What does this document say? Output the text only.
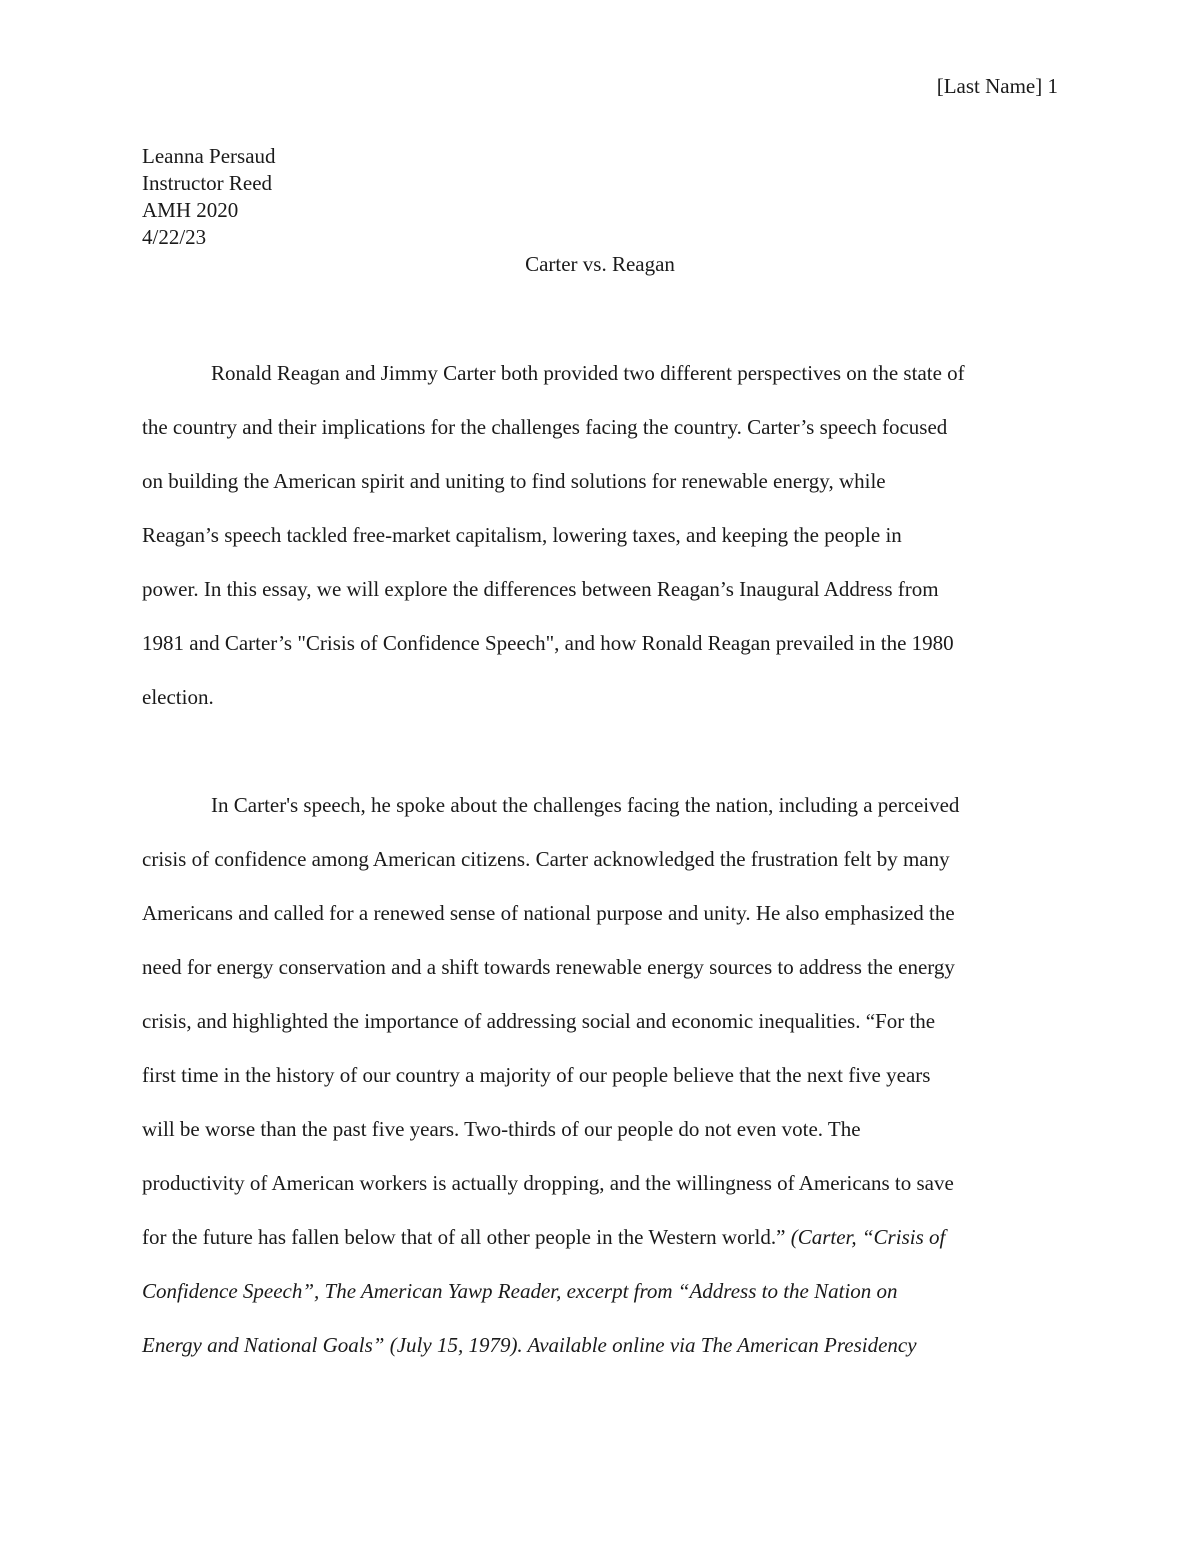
[Last Name] 1
Leanna Persaud
Instructor Reed
AMH 2020
4/22/23
Carter vs. Reagan
Ronald Reagan and Jimmy Carter both provided two different perspectives on the state of
the country and their implications for the challenges facing the country. Carter’s speech focused
on building the American spirit and uniting to find solutions for renewable energy, while
Reagan’s speech tackled free-market capitalism, lowering taxes, and keeping the people in
power. In this essay, we will explore the differences between Reagan’s Inaugural Address from
1981 and Carter’s "Crisis of Confidence Speech", and how Ronald Reagan prevailed in the 1980
election.
In Carter's speech, he spoke about the challenges facing the nation, including a perceived
crisis of confidence among American citizens. Carter acknowledged the frustration felt by many
Americans and called for a renewed sense of national purpose and unity. He also emphasized the
need for energy conservation and a shift towards renewable energy sources to address the energy
crisis, and highlighted the importance of addressing social and economic inequalities. “For the
first time in the history of our country a majority of our people believe that the next five years
will be worse than the past five years. Two-thirds of our people do not even vote. The
productivity of American workers is actually dropping, and the willingness of Americans to save
for the future has fallen below that of all other people in the Western world.” (Carter, “Crisis of
Confidence Speech”, The American Yawp Reader, excerpt from “Address to the Nation on
Energy and National Goals” (July 15, 1979). Available online via The American Presidency
